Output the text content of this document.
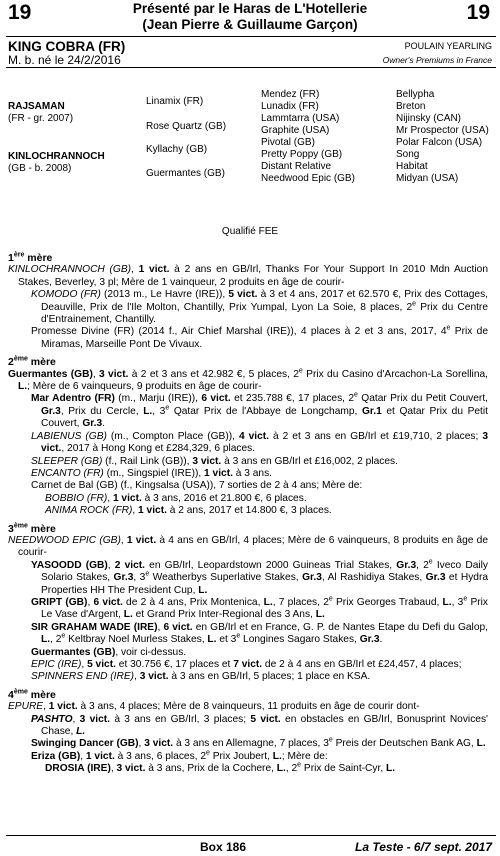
19	Présenté par le Haras de L'Hotellerie
(Jean Pierre & Guillaume Garçon)
19
KING COBRA (FR)
M. b. né le 24/2/2016
POULAIN YEARLING
Owner's Premiums in France
RAJSAMAN
(FR - gr. 2007)
KINLOCHRANNOCH
(GB - b. 2008)
Linamix (FR)
Rose Quartz (GB)
Kyllachy (GB)
Guermantes (GB)
Mendez (FR)
Lunadix (FR)
Lammtarra (USA)
Graphite (USA)
Pivotal (GB)
Pretty Poppy (GB)
Distant Relative
Needwood Epic (GB)
Bellypha
Breton
Nijinsky (CAN)
Mr Prospector (USA)
Polar Falcon (USA)
Song
Habitat
Midyan (USA)
Qualifié FEE
1ère mère
KINLOCHRANNOCH (GB), 1 vict. à 2 ans en GB/Irl, Thanks For Your Support In 2010 Mdn Auction Stakes, Beverley, 3 pl; Mère de 1 vainqueur, 2 produits en âge de courir-
KOMODO (FR) (2013 m., Le Havre (IRE)), 5 vict. à 3 et 4 ans, 2017 et 62.570 €, Prix des Cottages, Deauville, Prix de l'Ile Molton, Chantilly, Prix Yumpal, Lyon La Soie, 8 places, 2e Prix du Centre d'Entrainement, Chantilly.
Promesse Divine (FR) (2014 f., Air Chief Marshal (IRE)), 4 places à 2 et 3 ans, 2017, 4e Prix de Miramas, Marseille Pont De Vivaux.
2ème mère
Guermantes (GB), 3 vict. à 2 et 3 ans et 42.982 €, 5 places, 2e Prix du Casino d'Arcachon-La Sorellina, L.; Mère de 6 vainqueurs, 9 produits en âge de courir-
Mar Adentro (FR) (m., Marju (IRE)), 6 vict. et 235.788 €, 17 places, 2e Qatar Prix du Petit Couvert, Gr.3, Prix du Cercle, L., 3e Qatar Prix de l'Abbaye de Longchamp, Gr.1 et Qatar Prix du Petit Couvert, Gr.3.
LABIENUS (GB) (m., Compton Place (GB)), 4 vict. à 2 et 3 ans en GB/Irl et £19,710, 2 places; 3 vict., 2017 à Hong Kong et £284,329, 6 places.
SLEEPER (GB) (f., Rail Link (GB)), 3 vict. à 3 ans en GB/Irl et £16,002, 2 places.
ENCANTO (FR) (m., Singspiel (IRE)), 1 vict. à 3 ans.
Carnet de Bal (GB) (f., Kingsalsa (USA)), 7 sorties de 2 à 4 ans; Mère de:
BOBBIO (FR), 1 vict. à 3 ans, 2016 et 21.800 €, 6 places.
ANIMA ROCK (FR), 1 vict. à 2 ans, 2017 et 14.800 €, 3 places.
3ème mère
NEEDWOOD EPIC (GB), 1 vict. à 4 ans en GB/Irl, 4 places; Mère de 6 vainqueurs, 8 produits en âge de courir-
YASOODD (GB), 2 vict. en GB/Irl, Leopardstown 2000 Guineas Trial Stakes, Gr.3, 2e Iveco Daily Solario Stakes, Gr.3, 3e Weatherbys Superlative Stakes, Gr.3, Al Rashidiya Stakes, Gr.3 et Hydra Properties HH The President Cup, L.
GRIPT (GB), 6 vict. de 2 à 4 ans, Prix Montenica, L., 7 places, 2e Prix Georges Trabaud, L., 3e Prix Le Vase d'Argent, L. et Grand Prix Inter-Regional des 3 Ans, L.
SIR GRAHAM WADE (IRE), 6 vict. en GB/Irl et en France, G. P. de Nantes Etape du Defi du Galop, L., 2e Keltbray Noel Murless Stakes, L. et 3e Longines Sagaro Stakes, Gr.3.
Guermantes (GB), voir ci-dessus.
EPIC (IRE), 5 vict. et 30.756 €, 17 places et 7 vict. de 2 à 4 ans en GB/Irl et £24,457, 4 places;
SPINNERS END (IRE), 3 vict. à 3 ans en GB/Irl, 5 places; 1 place en KSA.
4ème mère
EPURE, 1 vict. à 3 ans, 4 places; Mère de 8 vainqueurs, 11 produits en âge de courir dont-
PASHTO, 3 vict. à 3 ans en GB/Irl, 3 places; 5 vict. en obstacles en GB/Irl, Bonusprint Novices' Chase, L.
Swinging Dancer (GB), 3 vict. à 3 ans en Allemagne, 7 places, 3e Preis der Deutschen Bank AG, L.
Eriza (GB), 1 vict. à 3 ans, 6 places, 2e Prix Joubert, L.; Mère de:
DROSIA (IRE), 3 vict. à 3 ans, Prix de la Cochere, L., 2e Prix de Saint-Cyr, L.
Box 186	La Teste - 6/7 sept. 2017
